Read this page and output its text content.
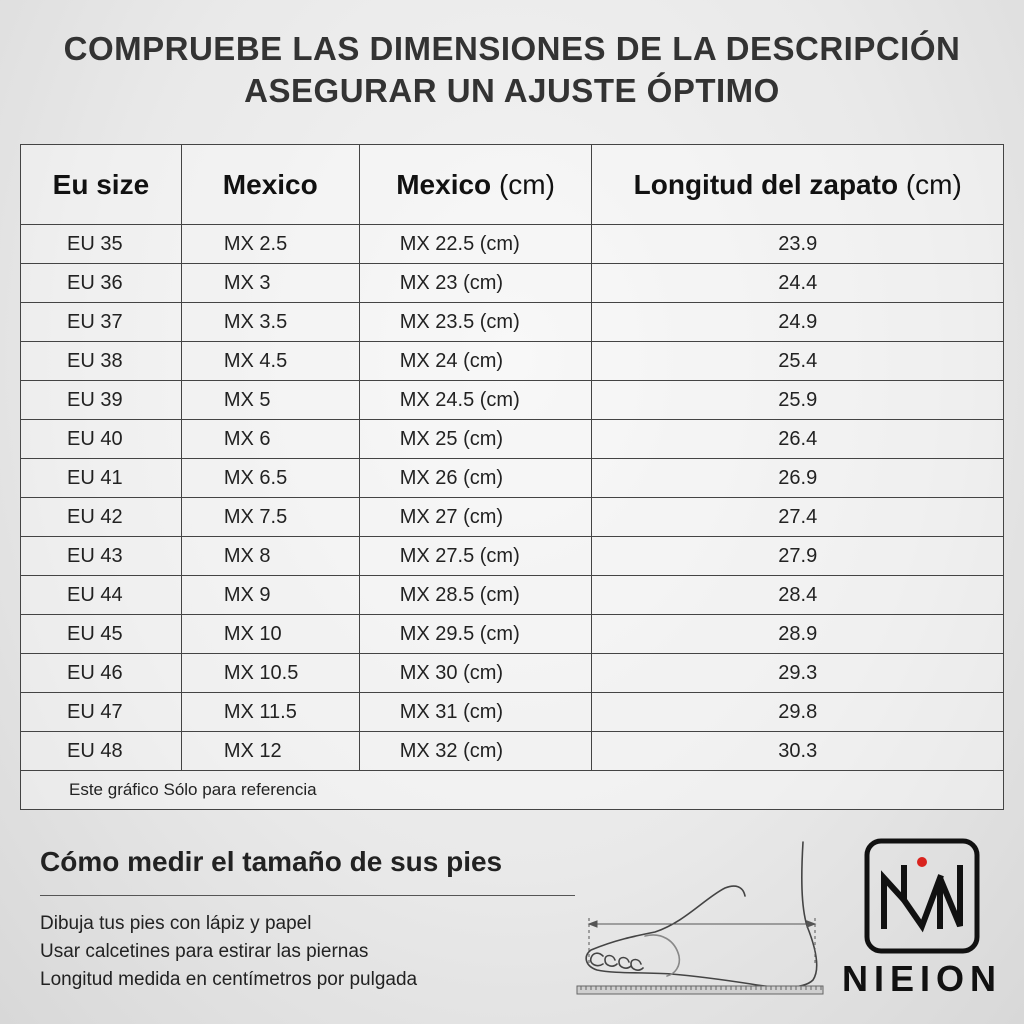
COMPRUEBE LAS DIMENSIONES DE LA DESCRIPCIÓN
ASEGURAR UN AJUSTE ÓPTIMO
Eu size	Mexico	Mexico (cm)	Longitud del zapato (cm)
EU 35	MX 2.5	MX 22.5 (cm)	23.9
EU 36	MX 3	MX 23 (cm)	24.4
EU 37	MX 3.5	MX 23.5 (cm)	24.9
EU 38	MX 4.5	MX 24 (cm)	25.4
EU 39	MX 5	MX 24.5 (cm)	25.9
EU 40	MX 6	MX 25 (cm)	26.4
EU 41	MX 6.5	MX 26 (cm)	26.9
EU 42	MX 7.5	MX 27 (cm)	27.4
EU 43	MX 8	MX 27.5 (cm)	27.9
EU 44	MX 9	MX 28.5 (cm)	28.4
EU 45	MX 10	MX 29.5 (cm)	28.9
EU 46	MX 10.5	MX 30 (cm)	29.3
EU 47	MX 11.5	MX 31 (cm)	29.8
EU 48	MX 12	MX 32 (cm)	30.3
Este gráfico Sólo para referencia			
Cómo medir el tamaño de sus pies
Dibuja tus pies con lápiz y papel
Usar calcetines para estirar las piernas
Longitud medida en centímetros por pulgada	NIEION
